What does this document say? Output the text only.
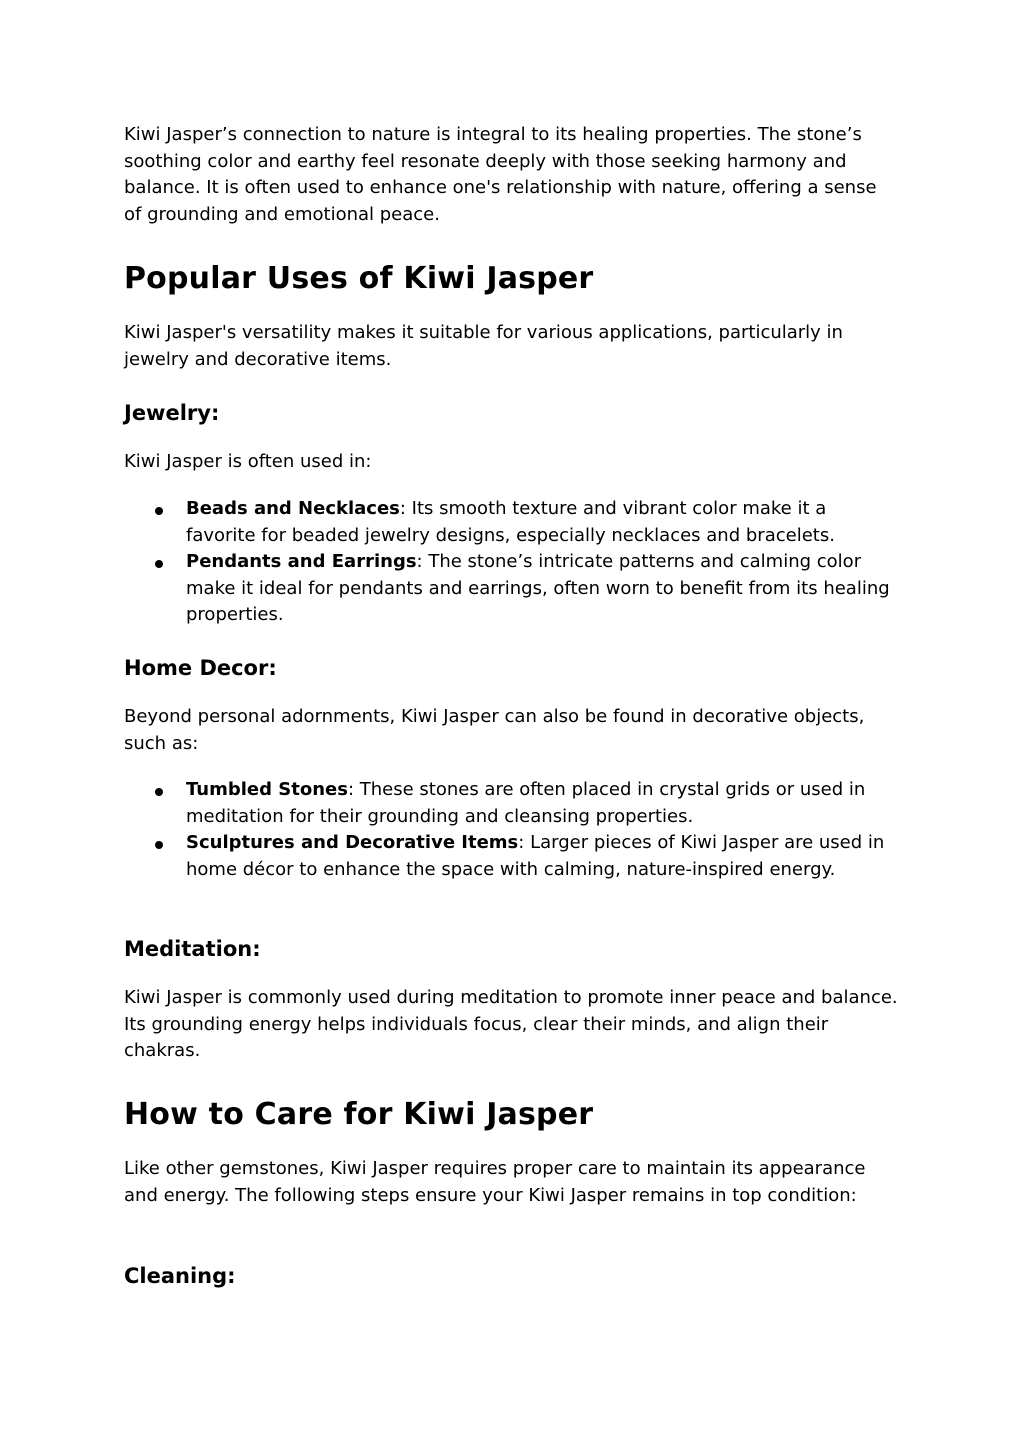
Kiwi Jasper’s connection to nature is integral to its healing properties. The stone’s soothing color and earthy feel resonate deeply with those seeking harmony and balance. It is often used to enhance one's relationship with nature, offering a sense of grounding and emotional peace.

Popular Uses of Kiwi Jasper

Kiwi Jasper's versatility makes it suitable for various applications, particularly in jewelry and decorative items.

Jewelry:

Kiwi Jasper is often used in:

Beads and Necklaces: Its smooth texture and vibrant color make it a favorite for beaded jewelry designs, especially necklaces and bracelets.
Pendants and Earrings: The stone’s intricate patterns and calming color make it ideal for pendants and earrings, often worn to benefit from its healing properties.
Home Decor:

Beyond personal adornments, Kiwi Jasper can also be found in decorative objects, such as:

Tumbled Stones: These stones are often placed in crystal grids or used in meditation for their grounding and cleansing properties.
Sculptures and Decorative Items: Larger pieces of Kiwi Jasper are used in home décor to enhance the space with calming, nature-inspired energy.
Meditation:

Kiwi Jasper is commonly used during meditation to promote inner peace and balance. Its grounding energy helps individuals focus, clear their minds, and align their chakras.

How to Care for Kiwi Jasper

Like other gemstones, Kiwi Jasper requires proper care to maintain its appearance and energy. The following steps ensure your Kiwi Jasper remains in top condition:

Cleaning:
